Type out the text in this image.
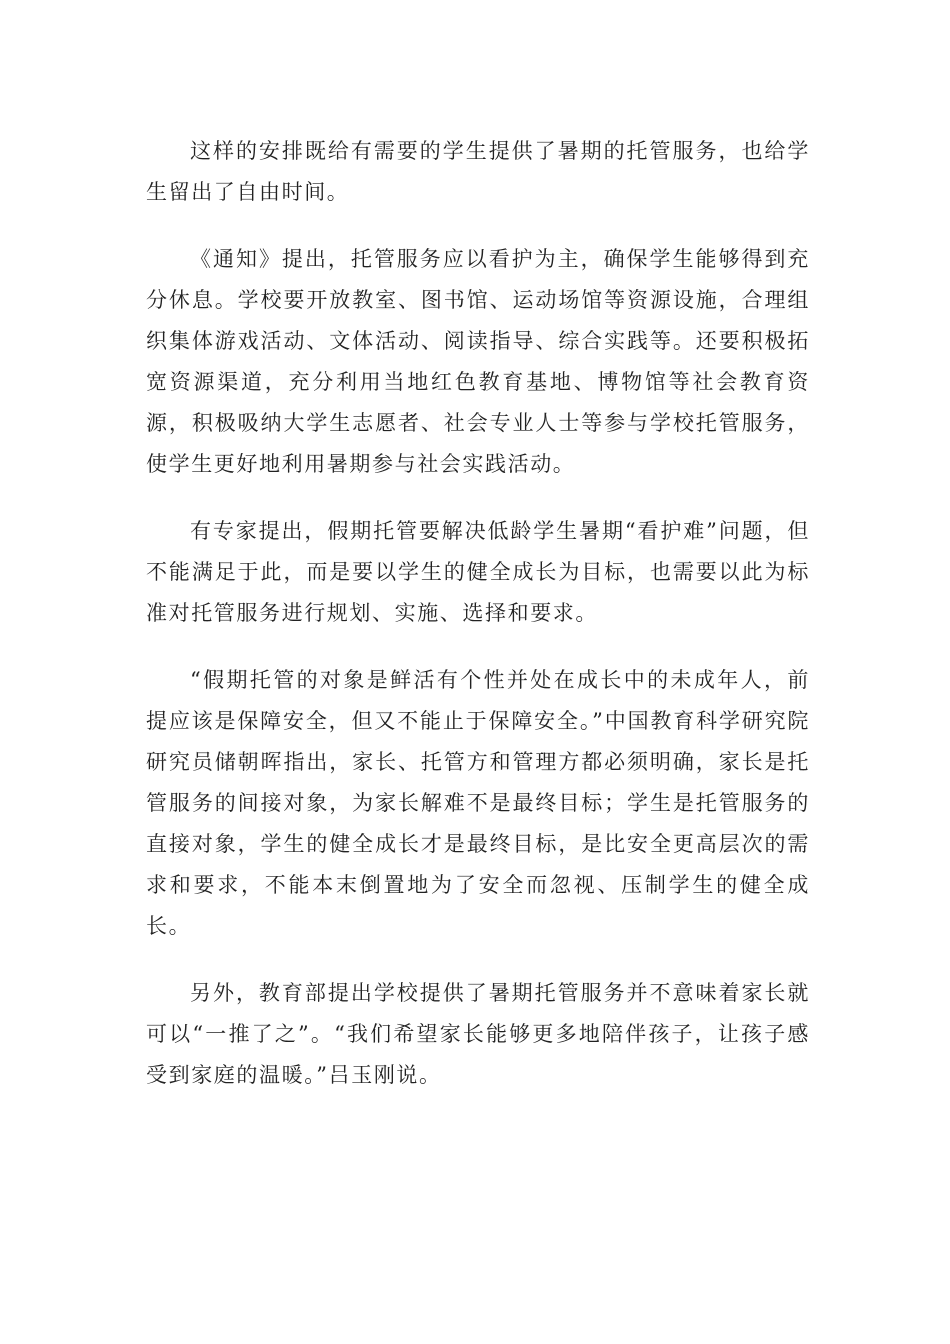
这样的安排既给有需要的学生提供了暑期的托管服务，也给学生留出了自由时间。

《通知》提出，托管服务应以看护为主，确保学生能够得到充分休息。学校要开放教室、图书馆、运动场馆等资源设施，合理组织集体游戏活动、文体活动、阅读指导、综合实践等。还要积极拓宽资源渠道，充分利用当地红色教育基地、博物馆等社会教育资源，积极吸纳大学生志愿者、社会专业人士等参与学校托管服务，使学生更好地利用暑期参与社会实践活动。

有专家提出，假期托管要解决低龄学生暑期“看护难”问题，但不能满足于此，而是要以学生的健全成长为目标，也需要以此为标准对托管服务进行规划、实施、选择和要求。

“假期托管的对象是鲜活有个性并处在成长中的未成年人，前提应该是保障安全，但又不能止于保障安全。”中国教育科学研究院研究员储朝晖指出，家长、托管方和管理方都必须明确，家长是托管服务的间接对象，为家长解难不是最终目标；学生是托管服务的直接对象，学生的健全成长才是最终目标，是比安全更高层次的需求和要求，不能本末倒置地为了安全而忽视、压制学生的健全成长。

另外，教育部提出学校提供了暑期托管服务并不意味着家长就可以“一推了之”。“我们希望家长能够更多地陪伴孩子，让孩子感受到家庭的温暖。”吕玉刚说。
